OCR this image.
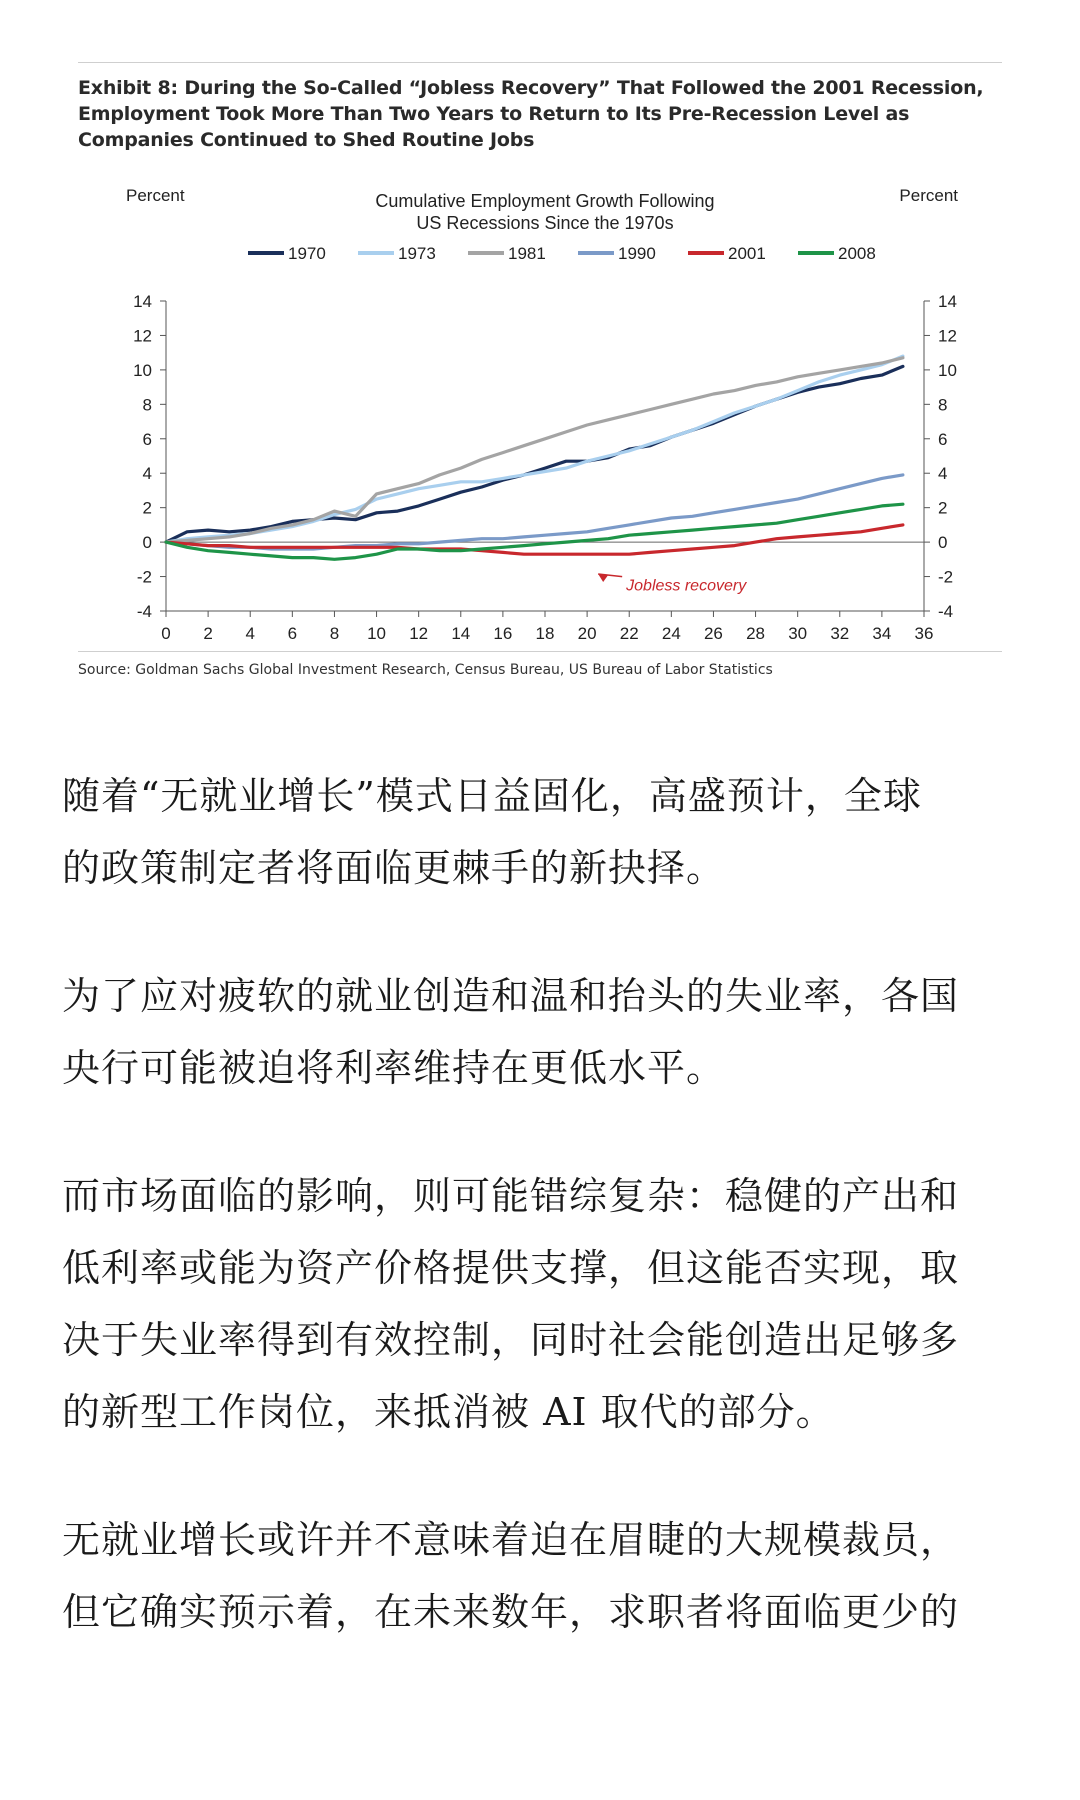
Exhibit 8: During the So-Called “Jobless Recovery” That Followed the 2001 Recession, Employment Took More Than Two Years to Return to Its Pre-Recession Level as Companies Continued to Shed Routine Jobs
-4	-4
-2	-2
0	0
2	2
4	4
6	6
8	8
10	10
12	12
14	14
0 2 4 6 8 10 12 14 16 18 20 22 24 26 28 30 32 34 36
Percent	Percent
Cumulative Employment Growth Following
US Recessions Since the 1970s
1970	1973	1981	1990	2001	2008
Jobless recovery
Source: Goldman Sachs Global Investment Research, Census Bureau, US Bureau of Labor Statistics
随着“无就业增长”模式日益固化，高盛预计，全球
的政策制定者将面临更棘手的新抉择。
为了应对疲软的就业创造和温和抬头的失业率，各国
央行可能被迫将利率维持在更低水平。
而市场面临的影响，则可能错综复杂：稳健的产出和
低利率或能为资产价格提供支撑，但这能否实现，取
决于失业率得到有效控制，同时社会能创造出足够多
的新型工作岗位，来抵消被 AI 取代的部分。
无就业增长或许并不意味着迫在眉睫的大规模裁员，
但它确实预示着，在未来数年，求职者将面临更少的
